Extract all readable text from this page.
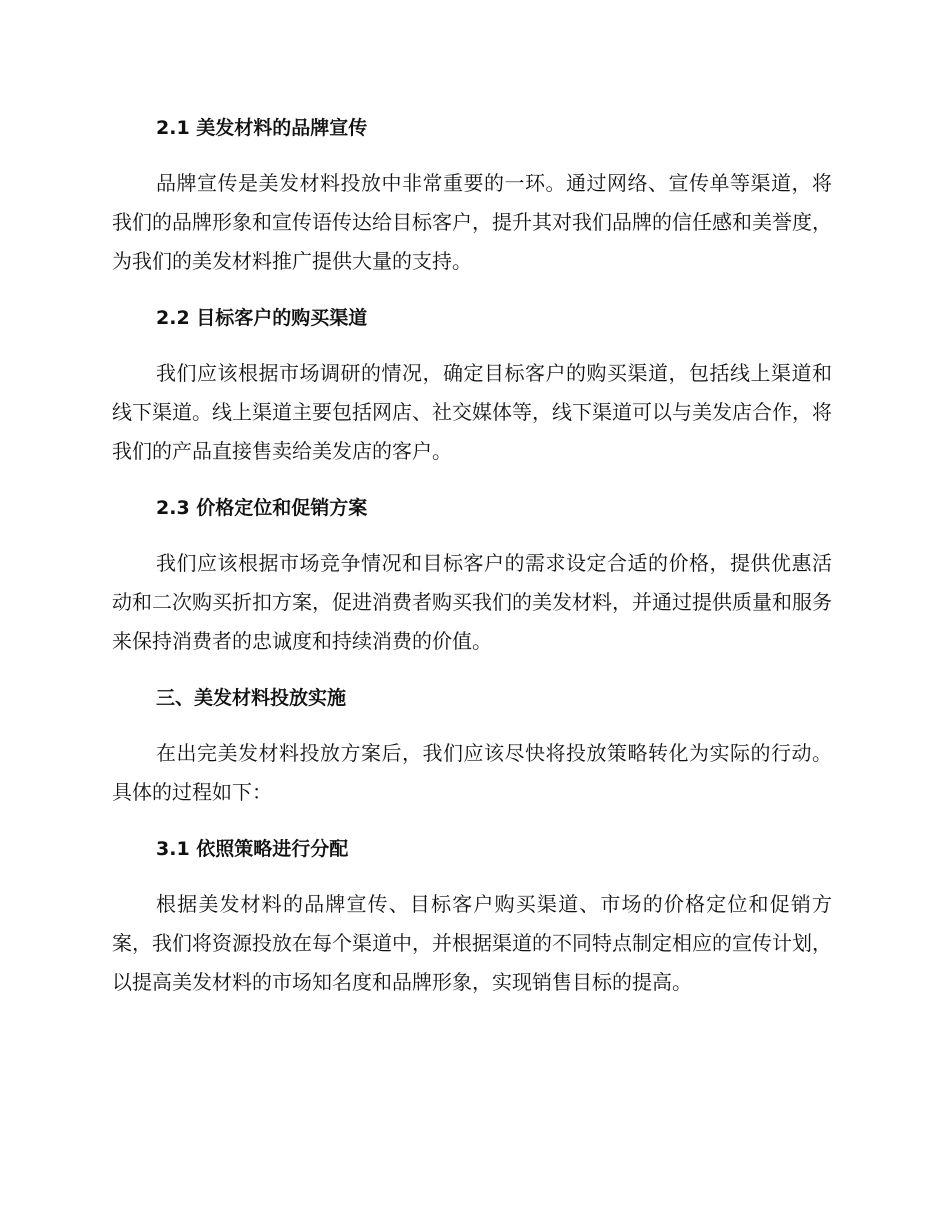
2.1 美发材料的品牌宣传

品牌宣传是美发材料投放中非常重要的一环。通过网络、宣传单等渠道，将我们的品牌形象和宣传语传达给目标客户，提升其对我们品牌的信任感和美誉度，为我们的美发材料推广提供大量的支持。

2.2 目标客户的购买渠道

我们应该根据市场调研的情况，确定目标客户的购买渠道，包括线上渠道和线下渠道。线上渠道主要包括网店、社交媒体等，线下渠道可以与美发店合作，将我们的产品直接售卖给美发店的客户。

2.3 价格定位和促销方案

我们应该根据市场竞争情况和目标客户的需求设定合适的价格，提供优惠活动和二次购买折扣方案，促进消费者购买我们的美发材料，并通过提供质量和服务来保持消费者的忠诚度和持续消费的价值。

三、美发材料投放实施

在出完美发材料投放方案后，我们应该尽快将投放策略转化为实际的行动。具体的过程如下：

3.1 依照策略进行分配

根据美发材料的品牌宣传、目标客户购买渠道、市场的价格定位和促销方案，我们将资源投放在每个渠道中，并根据渠道的不同特点制定相应的宣传计划，以提高美发材料的市场知名度和品牌形象，实现销售目标的提高。
